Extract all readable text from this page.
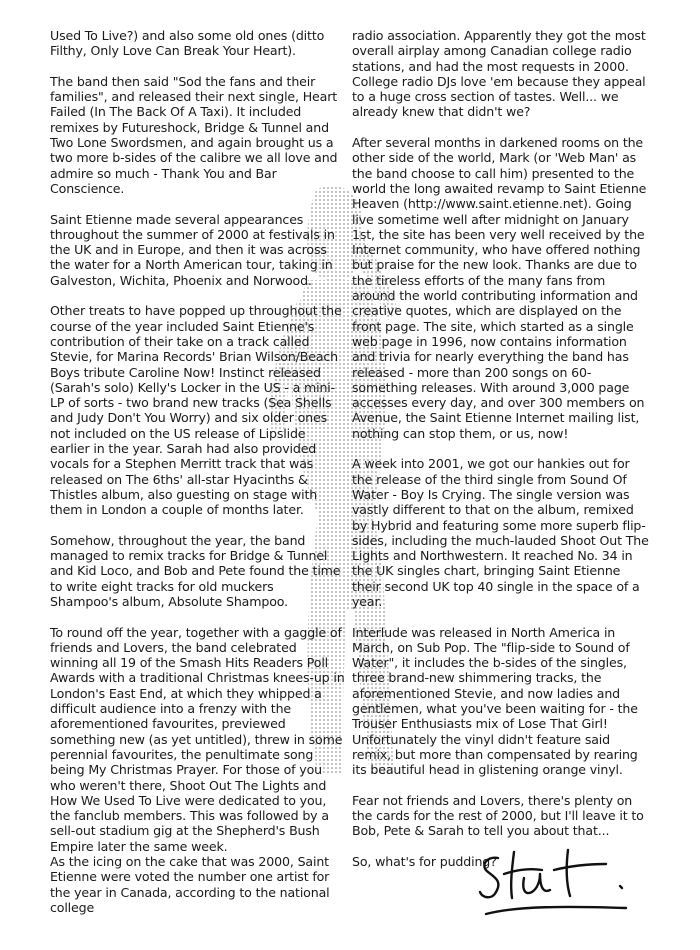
Used To Live?) and also some old ones (ditto Filthy, Only Love Can Break Your Heart).

The band then said "Sod the fans and their families", and released their next single, Heart Failed (In The Back Of A Taxi). It included remixes by Futureshock, Bridge & Tunnel and Two Lone Swordsmen, and again brought us a two more b-sides of the calibre we all love and admire so much - Thank You and Bar Conscience.

Saint Etienne made several appearances throughout the summer of 2000 at festivals in the UK and in Europe, and then it was across the water for a North American tour, taking in Galveston, Wichita, Phoenix and Norwood.

Other treats to have popped up throughout the course of the year included Saint Etienne's contribution of their take on a track called Stevie, for Marina Records' Brian Wilson/Beach Boys tribute Caroline Now! Instinct released (Sarah's solo) Kelly's Locker in the US - a mini-LP of sorts - two brand new tracks (Sea Shells and Judy Don't You Worry) and six older ones not included on the US release of Lipslide earlier in the year. Sarah had also provided vocals for a Stephen Merritt track that was released on The 6ths' all-star Hyacinths & Thistles album, also guesting on stage with them in London a couple of months later.

Somehow, throughout the year, the band managed to remix tracks for Bridge & Tunnel and Kid Loco, and Bob and Pete found the time to write eight tracks for old muckers Shampoo's album, Absolute Shampoo.

To round off the year, together with a gaggle of friends and Lovers, the band celebrated winning all 19 of the Smash Hits Readers Poll Awards with a traditional Christmas knees-up in London's East End, at which they whipped a difficult audience into a frenzy with the aforementioned favourites, previewed something new (as yet untitled), threw in some perennial favourites, the penultimate song being My Christmas Prayer. For those of you who weren't there, Shoot Out The Lights and How We Used To Live were dedicated to you, the fanclub members. This was followed by a sell-out stadium gig at the Shepherd's Bush Empire later the same week.

As the icing on the cake that was 2000, Saint Etienne were voted the number one artist for the year in Canada, according to the national college

radio association. Apparently they got the most overall airplay among Canadian college radio stations, and had the most requests in 2000. College radio DJs love 'em because they appeal to a huge cross section of tastes. Well... we already knew that didn't we?

After several months in darkened rooms on the other side of the world, Mark (or 'Web Man' as the band choose to call him) presented to the world the long awaited revamp to Saint Etienne Heaven (http://www.saint.etienne.net). Going live sometime well after midnight on January 1st, the site has been very well received by the Internet community, who have offered nothing but praise for the new look. Thanks are due to the tireless efforts of the many fans from around the world contributing information and creative quotes, which are displayed on the front page. The site, which started as a single web page in 1996, now contains information and trivia for nearly everything the band has released - more than 200 songs on 60-something releases. With around 3,000 page accesses every day, and over 300 members on Avenue, the Saint Etienne Internet mailing list, nothing can stop them, or us, now!

A week into 2001, we got our hankies out for the release of the third single from Sound Of Water - Boy Is Crying. The single version was vastly different to that on the album, remixed by Hybrid and featuring some more superb flip-sides, including the much-lauded Shoot Out The Lights and Northwestern. It reached No. 34 in the UK singles chart, bringing Saint Etienne their second UK top 40 single in the space of a year.

Interlude was released in North America in March, on Sub Pop. The "flip-side to Sound of Water", it includes the b-sides of the singles, three brand-new shimmering tracks, the aforementioned Stevie, and now ladies and gentlemen, what you've been waiting for - the Trouser Enthusiasts mix of Lose That Girl! Unfortunately the vinyl didn't feature said remix, but more than compensated by rearing its beautiful head in glistening orange vinyl.

Fear not friends and Lovers, there's plenty on the cards for the rest of 2000, but I'll leave it to Bob, Pete & Sarah to tell you about that...

So, what's for pudding?
